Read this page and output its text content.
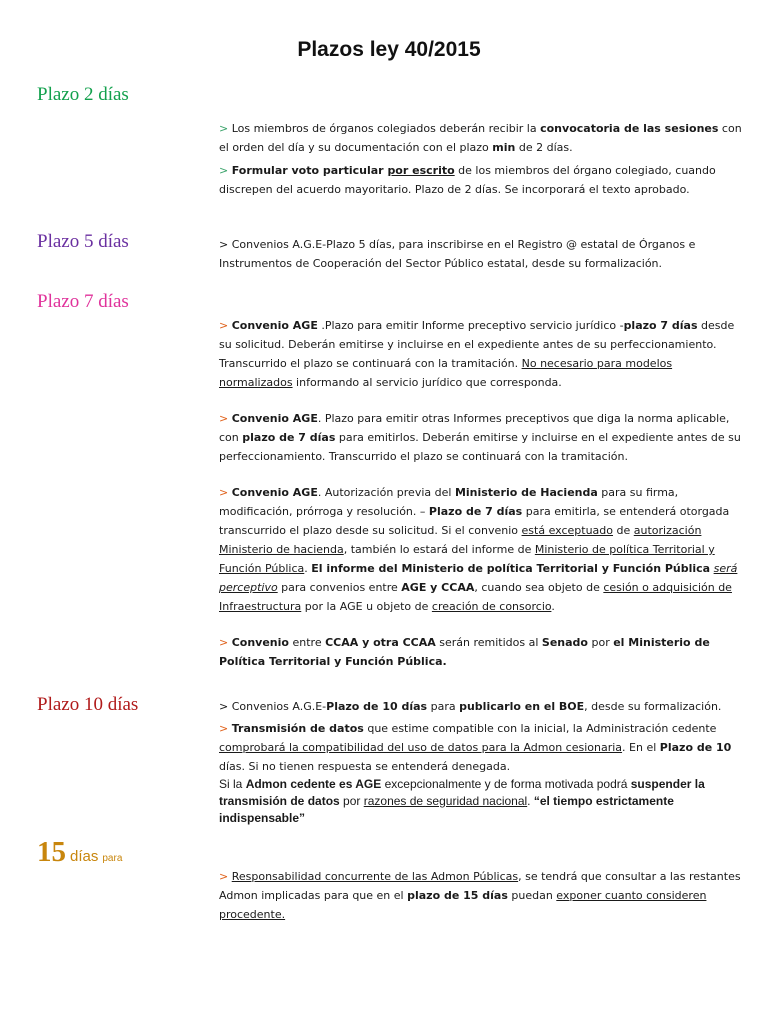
Plazos ley 40/2015
Plazo 2 días

> Los miembros de órganos colegiados deberán recibir la convocatoria de las sesiones con el orden del día y su documentación con el plazo min de 2 días.

> Formular voto particular por escrito de los miembros del órgano colegiado, cuando discrepen del acuerdo mayoritario. Plazo de 2 días. Se incorporará el texto aprobado.

Plazo 5 días	> Convenios A.G.E-Plazo 5 días, para inscribirse en el Registro @ estatal de Órganos e Instrumentos de Cooperación del Sector Público estatal, desde su formalización.

Plazo 7 días

> Convenio AGE .Plazo para emitir Informe preceptivo servicio jurídico -plazo 7 días desde su solicitud. Deberán emitirse y incluirse en el expediente antes de su perfeccionamiento. Transcurrido el plazo se continuará con la tramitación. No necesario para modelos normalizados informando al servicio jurídico que corresponda.

> Convenio AGE. Plazo para emitir otras Informes preceptivos que diga la norma aplicable, con plazo de 7 días para emitirlos. Deberán emitirse y incluirse en el expediente antes de su perfeccionamiento. Transcurrido el plazo se continuará con la tramitación.

> Convenio AGE. Autorización previa del Ministerio de Hacienda para su firma, modificación, prórroga y resolución. – Plazo de 7 días para emitirla, se entenderá otorgada transcurrido el plazo desde su solicitud. Si el convenio está exceptuado de autorización Ministerio de hacienda, también lo estará del informe de Ministerio de política Territorial y Función Pública. El informe del Ministerio de política Territorial y Función Pública será perceptivo para convenios entre AGE y CCAA, cuando sea objeto de cesión o adquisición de Infraestructura por la AGE u objeto de creación de consorcio.

> Convenio entre CCAA y otra CCAA serán remitidos al Senado por el Ministerio de Política Territorial y Función Pública.

Plazo 10 días	> Convenios A.G.E-Plazo de 10 días para publicarlo en el BOE, desde su formalización.

> Transmisión de datos que estime compatible con la inicial, la Administración cedente comprobará la compatibilidad del uso de datos para la Admon cesionaria. En el Plazo de 10 días. Si no tienen respuesta se entenderá denegada.

Si la Admon cedente es AGE excepcionalmente y de forma motivada podrá suspender la transmisión de datos por razones de seguridad nacional. “el tiempo estrictamente indispensable”

15 días para

> Responsabilidad concurrente de las Admon Públicas, se tendrá que consultar a las restantes Admon implicadas para que en el plazo de 15 días puedan exponer cuanto consideren procedente.
